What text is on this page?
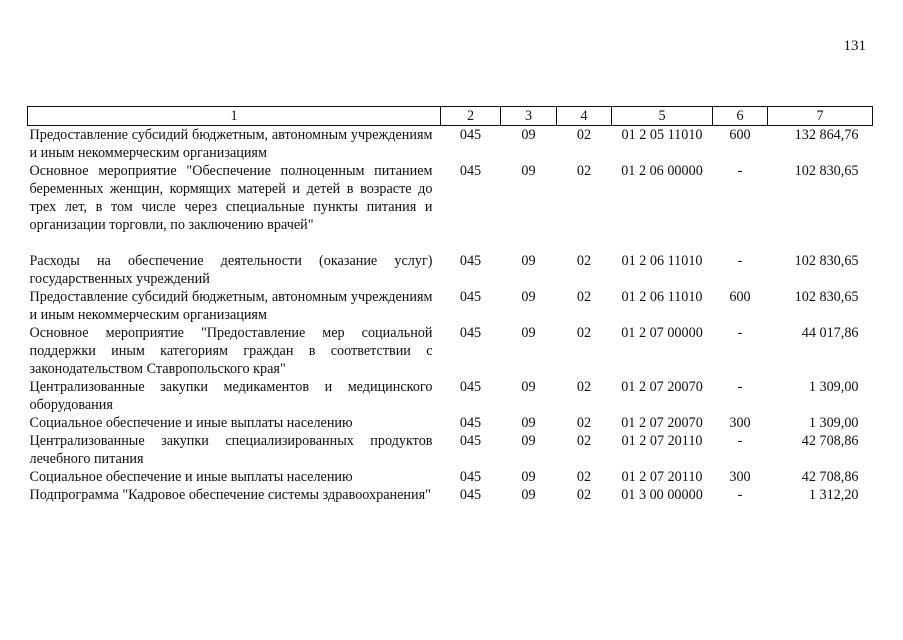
131
1	2	3	4	5	6	7
Предоставление субсидий бюджетным, автономным учреждениям и иным некоммерческим организациям	045	09	02	01 2 05 11010	600	132 864,76
Основное мероприятие "Обеспечение полноценным питанием беременных женщин, кормящих матерей и детей в возрасте до трех лет, в том числе через специальные пункты питания и организации торговли, по заключению врачей"	045	09	02	01 2 06 00000	-	102 830,65
Расходы на обеспечение деятельности (оказание услуг) государственных учреждений	045	09	02	01 2 06 11010	-	102 830,65
Предоставление субсидий бюджетным, автономным учреждениям и иным некоммерческим организациям	045	09	02	01 2 06 11010	600	102 830,65
Основное мероприятие "Предоставление мер социальной поддержки иным категориям граждан в соответствии с законодательством Ставропольского края"	045	09	02	01 2 07 00000	-	44 017,86
Централизованные закупки медикаментов и медицинского оборудования	045	09	02	01 2 07 20070	-	1 309,00
Социальное обеспечение и иные выплаты населению	045	09	02	01 2 07 20070	300	1 309,00
Централизованные закупки специализированных продуктов лечебного питания	045	09	02	01 2 07 20110	-	42 708,86
Социальное обеспечение и иные выплаты населению	045	09	02	01 2 07 20110	300	42 708,86
Подпрограмма "Кадровое обеспечение системы здравоохранения"	045	09	02	01 3 00 00000	-	1 312,20
